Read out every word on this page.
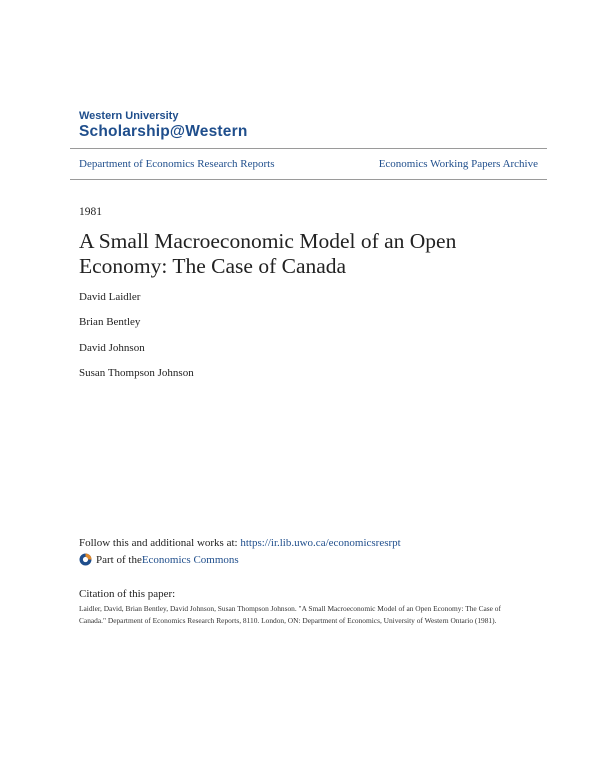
Western University
Scholarship@Western
Department of Economics Research Reports	Economics Working Papers Archive
1981
A Small Macroeconomic Model of an Open Economy: The Case of Canada
David Laidler
Brian Bentley
David Johnson
Susan Thompson Johnson
Follow this and additional works at: https://ir.lib.uwo.ca/economicsresrpt
Part of the Economics Commons
Citation of this paper:
Laidler, David, Brian Bentley, David Johnson, Susan Thompson Johnson. "A Small Macroeconomic Model of an Open Economy: The Case of Canada." Department of Economics Research Reports, 8110. London, ON: Department of Economics, University of Western Ontario (1981).
